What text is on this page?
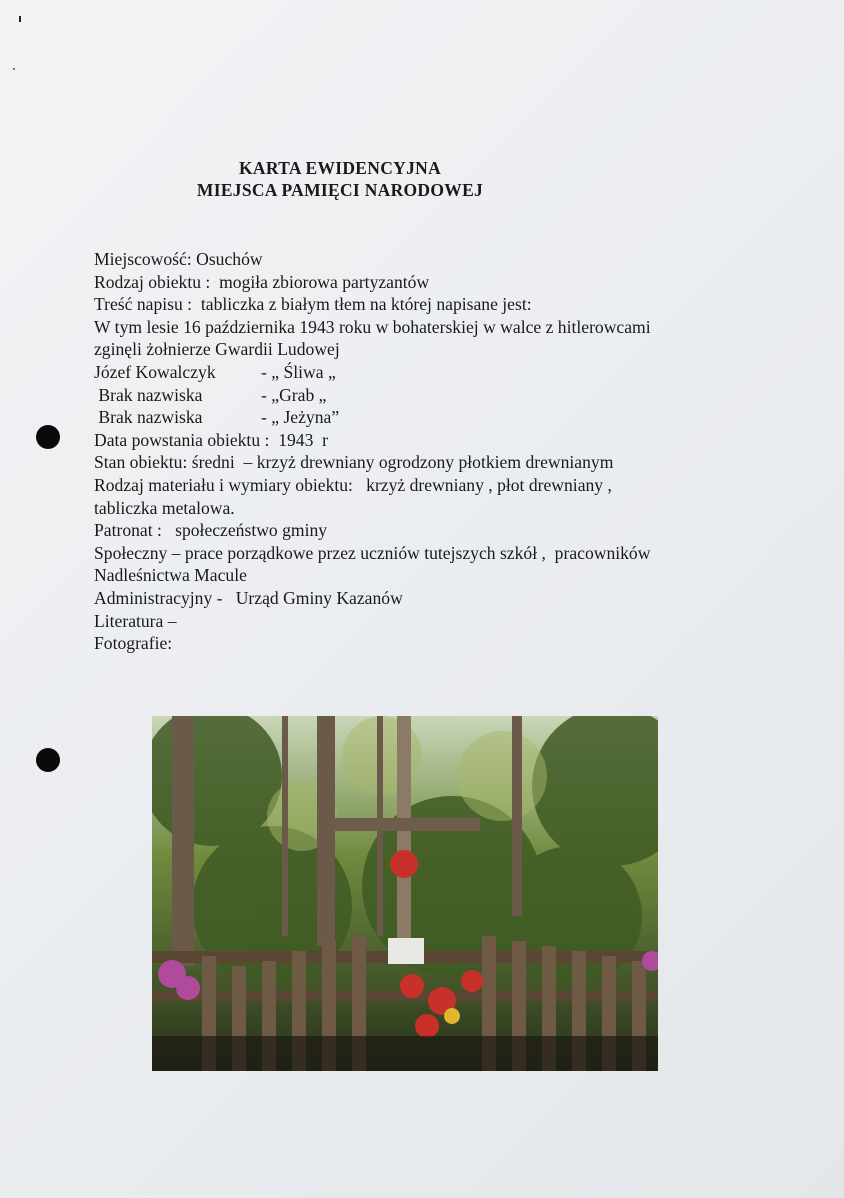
KARTA EWIDENCYJNA
MIEJSCA PAMIĘCI NARODOWEJ
Miejscowość: Osuchów
Rodzaj obiektu :  mogiła zbiorowa partyzantów
Treść napisu :  tabliczka z białym tłem na której napisane jest:
W tym lesie 16 października 1943 roku w bohaterskiej w walce z hitlerowcami
zginęli żołnierze Gwardii Ludowej
Józef Kowalczyk	- „ Śliwa „
Brak nazwiska	- „Grab „
Brak nazwiska	- „ Jeżyna”
Data powstania obiektu :  1943  r
Stan obiektu: średni  – krzyż drewniany ogrodzony płotkiem drewnianym
Rodzaj materiału i wymiary obiektu:   krzyż drewniany , płot drewniany ,
tabliczka metalowa.
Patronat :   społeczeństwo gminy
Społeczny – prace porządkowe przez uczniów tutejszych szkół ,  pracowników
Nadleśnictwa Macule
Administracyjny -   Urząd Gminy Kazanów
Literatura –
Fotografie:
